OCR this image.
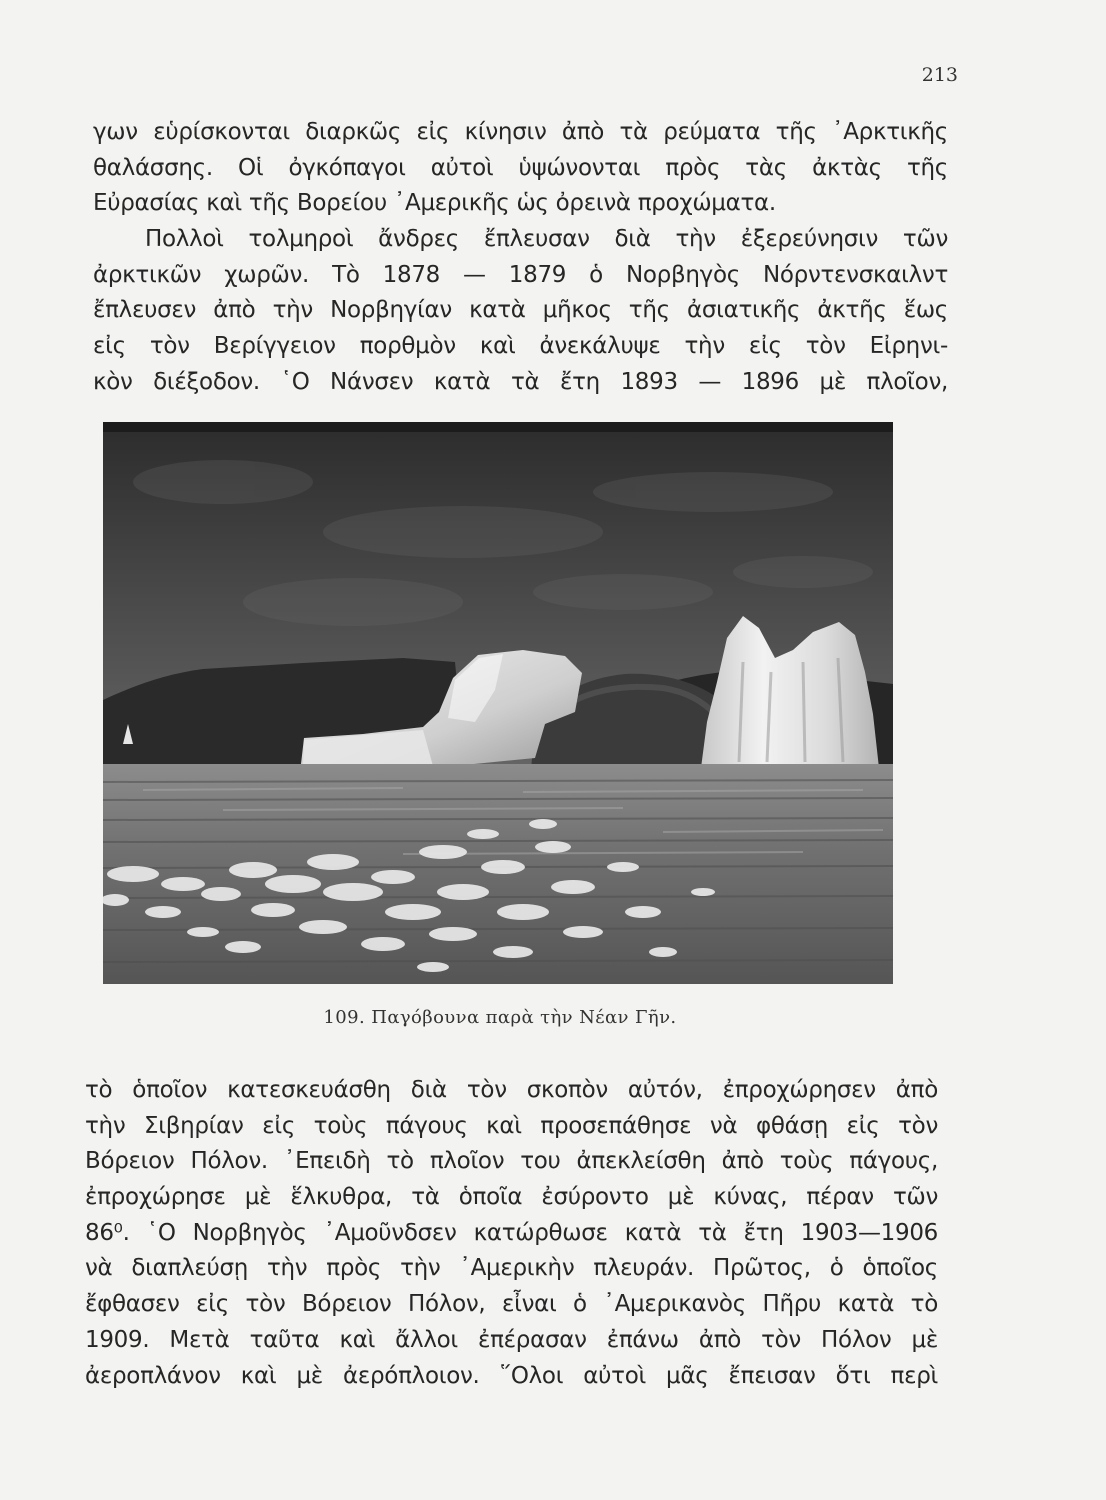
213
γων εὑρίσκονται διαρκῶς εἰς κίνησιν ἀπὸ τὰ ρεύματα τῆς ᾿Αρκτικῆς
θαλάσσης. Οἱ ὀγκόπαγοι αὐτοὶ ὑψώνονται πρὸς τὰς ἀκτὰς τῆς
Εὐρασίας καὶ τῆς Βορείου ᾿Αμερικῆς ὡς ὀρεινὰ προχώματα.
Πολλοὶ τολμηροὶ ἄνδρες ἔπλευσαν διὰ τὴν ἐξερεύνησιν τῶν
ἀρκτικῶν χωρῶν. Τὸ 1878 — 1879 ὁ Νορβηγὸς Νόρντενσκαιλντ
ἔπλευσεν ἀπὸ τὴν Νορβηγίαν κατὰ μῆκος τῆς ἀσιατικῆς ἀκτῆς ἕως
εἰς τὸν Βερίγγειον πορθμὸν καὶ ἀνεκάλυψε τὴν εἰς τὸν Εἰρηνι-
κὸν διέξοδον. ῾Ο Νάνσεν κατὰ τὰ ἔτη 1893 — 1896 μὲ πλοῖον,
109. Παγόβουνα παρὰ τὴν Νέαν Γῆν.
τὸ ὁποῖον κατεσκευάσθη διὰ τὸν σκοπὸν αὐτόν, ἐπροχώρησεν ἀπὸ
τὴν Σιβηρίαν εἰς τοὺς πάγους καὶ προσεπάθησε νὰ φθάσῃ εἰς τὸν
Βόρειον Πόλον. ᾿Επειδὴ τὸ πλοῖον του ἀπεκλείσθη ἀπὸ τοὺς πάγους,
ἐπροχώρησε μὲ ἕλκυθρα, τὰ ὁποῖα ἐσύροντο μὲ κύνας, πέραν τῶν
86⁰. ῾Ο Νορβηγὸς ᾿Αμοῦνδσεν κατώρθωσε κατὰ τὰ ἔτη 1903—1906
νὰ διαπλεύσῃ τὴν πρὸς τὴν ᾿Αμερικὴν πλευράν. Πρῶτος, ὁ ὁποῖος
ἔφθασεν εἰς τὸν Βόρειον Πόλον, εἶναι ὁ ᾿Αμερικανὸς Πῆρυ κατὰ τὸ
1909. Μετὰ ταῦτα καὶ ἄλλοι ἐπέρασαν ἐπάνω ἀπὸ τὸν Πόλον μὲ
ἀεροπλάνον καὶ μὲ ἀερόπλοιον. ῞Ολοι αὐτοὶ μᾶς ἔπεισαν ὅτι περὶ
